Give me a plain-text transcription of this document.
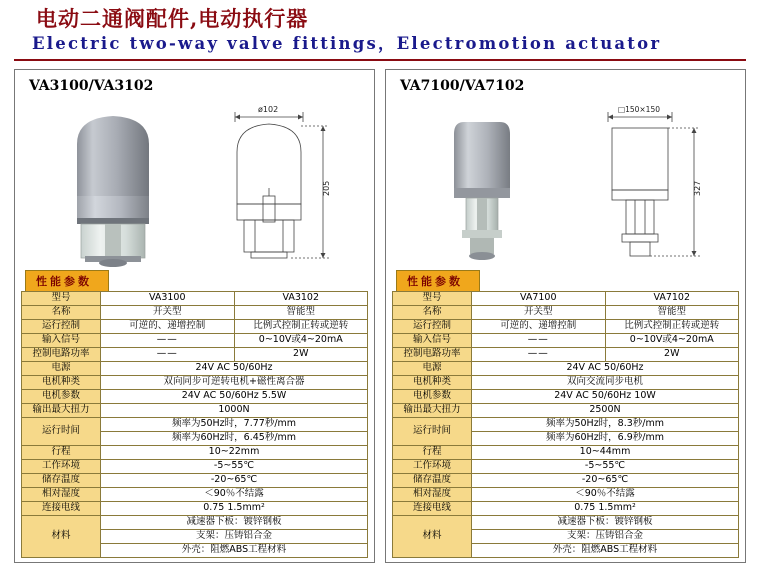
电动二通阀配件,电动执行器
Electric two-way valve fittings，Electromotion actuator
VA3100/VA3102
ø102
205
性能参数
型号	VA3100	VA3102
名称	开关型	智能型
运行控制	可逆的、递增控制	比例式控制正转或逆转
输入信号	——	0~10V或4~20mA
控制电路功率	——	2W
电源	24V AC 50/60Hz	
电机种类	双向同步可逆转电机+磁性离合器	
电机参数	24V AC 50/60Hz 5.5W	
输出最大扭力	1000N	
运行时间	频率为50Hz时，7.77秒/mm	
	频率为60Hz时，6.45秒/mm	
行程	10~22mm	
工作环境	-5~55℃	
储存温度	-20~65℃	
相对湿度	＜90％不结露	
连接电线	0.75 1.5mm²	
材料	减速器下板：镀锌钢板	
	支架：压铸铝合金	
	外壳：阻燃ABS工程材料	
VA7100/VA7102
□150×150
327
性能参数
型号	VA7100	VA7102
名称	开关型	智能型
运行控制	可逆的、递增控制	比例式控制正转或逆转
输入信号	——	0~10V或4~20mA
控制电路功率	——	2W
电源	24V AC 50/60Hz	
电机种类	双向交流同步电机	
电机参数	24V AC 50/60Hz 10W	
输出最大扭力	2500N	
运行时间	频率为50Hz时，8.3秒/mm	
	频率为60Hz时，6.9秒/mm	
行程	10~44mm	
工作环境	-5~55℃	
储存温度	-20~65℃	
相对湿度	＜90％不结露	
连接电线	0.75 1.5mm²	
材料	减速器下板：镀锌钢板	
	支架：压铸铝合金	
	外壳：阻燃ABS工程材料	
